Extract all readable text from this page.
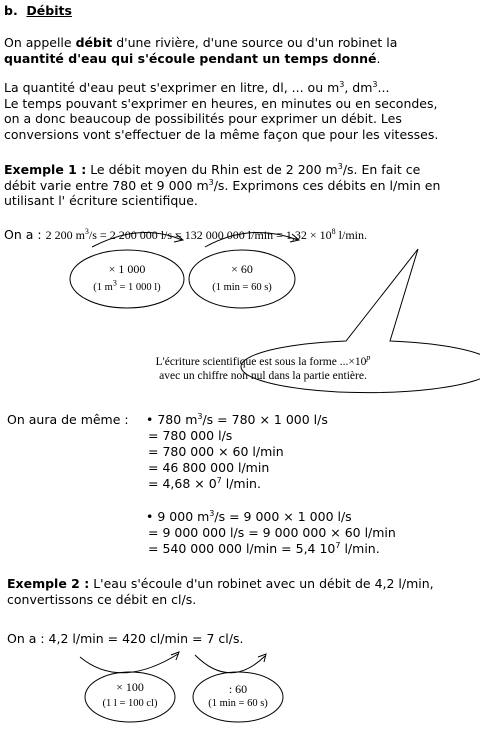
b. Débits
On appelle débit d'une rivière, d'une source ou d'un robinet la
quantité d'eau qui s'écoule pendant un temps donné.
La quantité d'eau peut s'exprimer en litre, dl, ... ou $m^3$, $dm^3$...
Le temps pouvant s'exprimer en heures, en minutes ou en secondes,
on a donc beaucoup de possibilités pour exprimer un débit. Les
conversions vont s'effectuer de la même façon que pour les vitesses.
Exemple 1 : Le débit moyen du Rhin est de 2 200 $m^3/s$. En fait ce
débit varie entre 780 et 9 000 $m^3/s$. Exprimons ces débits en l/min en
utilisant l' écriture scientifique.
On a : 2 200 $m^3/s = 2$ 200 000 l/s = 132 000 000 $l/\min = 1,32 \times 10^8$ l/min.
× 1 000
(1 $m^3 = 1$ 000 l)
× 60
(1 min = 60 s)
L'écriture scientifique est sous la forme $...\times 10^p$
avec un chiffre non nul dans la partie entière.
On aura de même : • 780 $m^3/s = 780 \times 1$ 000 l/s
= 780 000 l/s
= 780 000 × 60 l/min
= 46 800 000 l/min
= $4,68 \times 0^7$ l/min.
• 9 000 $m^3/s = 9$ 000 × 1 000 l/s
= 9 000 000 l/s = 9 000 000 × 60 l/min
= 540 000 000 l/min = 5,4 $10^7$ l/min.
Exemple 2 : L'eau s'écoule d'un robinet avec un débit de 4,2 l/min,
convertissons ce débit en cl/s.
On a : 4,2 l/min = 420 cl/min = 7 cl/s.
× 100
(1 l = 100 cl)
: 60
(1 min = 60 s)
